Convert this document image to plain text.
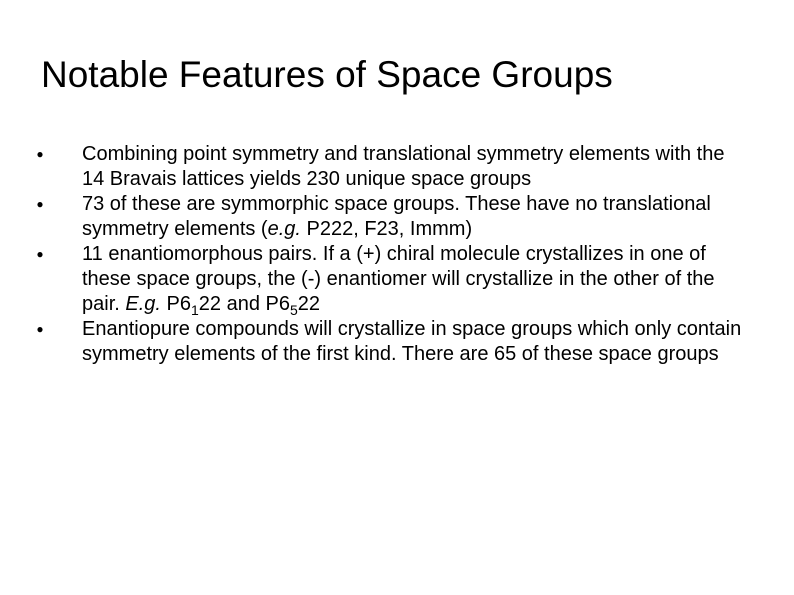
Notable Features of Space Groups
●	Combining point symmetry and translational symmetry elements with the 14 Bravais lattices yields 230 unique space groups
●	73 of these are symmorphic space groups. These have no translational symmetry elements (e.g. P222, F23, Immm)
●	11 enantiomorphous pairs. If a (+) chiral molecule crystallizes in one of these space groups, the (-) enantiomer will crystallize in the other of the pair. E.g. $P6_122$ and $P6_522$
●	Enantiopure compounds will crystallize in space groups which only contain symmetry elements of the first kind. There are 65 of these space groups
